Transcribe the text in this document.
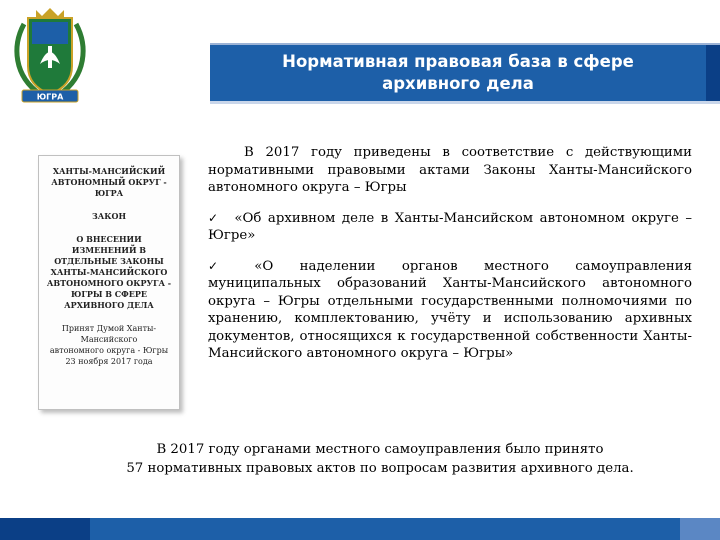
ЮГРА
Нормативная правовая база в сфере
архивного дела
ХАНТЫ-МАНСИЙСКИЙ
АВТОНОМНЫЙ ОКРУГ -
ЮГРА
ЗАКОН
О ВНЕСЕНИИ
ИЗМЕНЕНИЙ В
ОТДЕЛЬНЫЕ ЗАКОНЫ
ХАНТЫ-МАНСИЙСКОГО
АВТОНОМНОГО ОКРУГА -
ЮГРЫ В СФЕРЕ
АРХИВНОГО ДЕЛА
Принят Думой Ханты-
Мансийского
автономного округа - Югры
23 ноября 2017 года

В 2017 году приведены в соответствие с действующими нормативными правовыми актами Законы Ханты-Мансийского автономного округа – Югры

✓ «Об архивном деле в Ханты-Мансийском автономном округе – Югре»

✓ «О наделении органов местного самоуправления муниципальных образований Ханты-Мансийского автономного округа – Югры отдельными государственными полномочиями по хранению, комплектованию, учёту и использованию архивных документов, относящихся к государственной собственности Ханты-Мансийского автономного округа – Югры»

В 2017 году органами местного самоуправления было принято
57 нормативных правовых актов по вопросам развития архивного дела.
